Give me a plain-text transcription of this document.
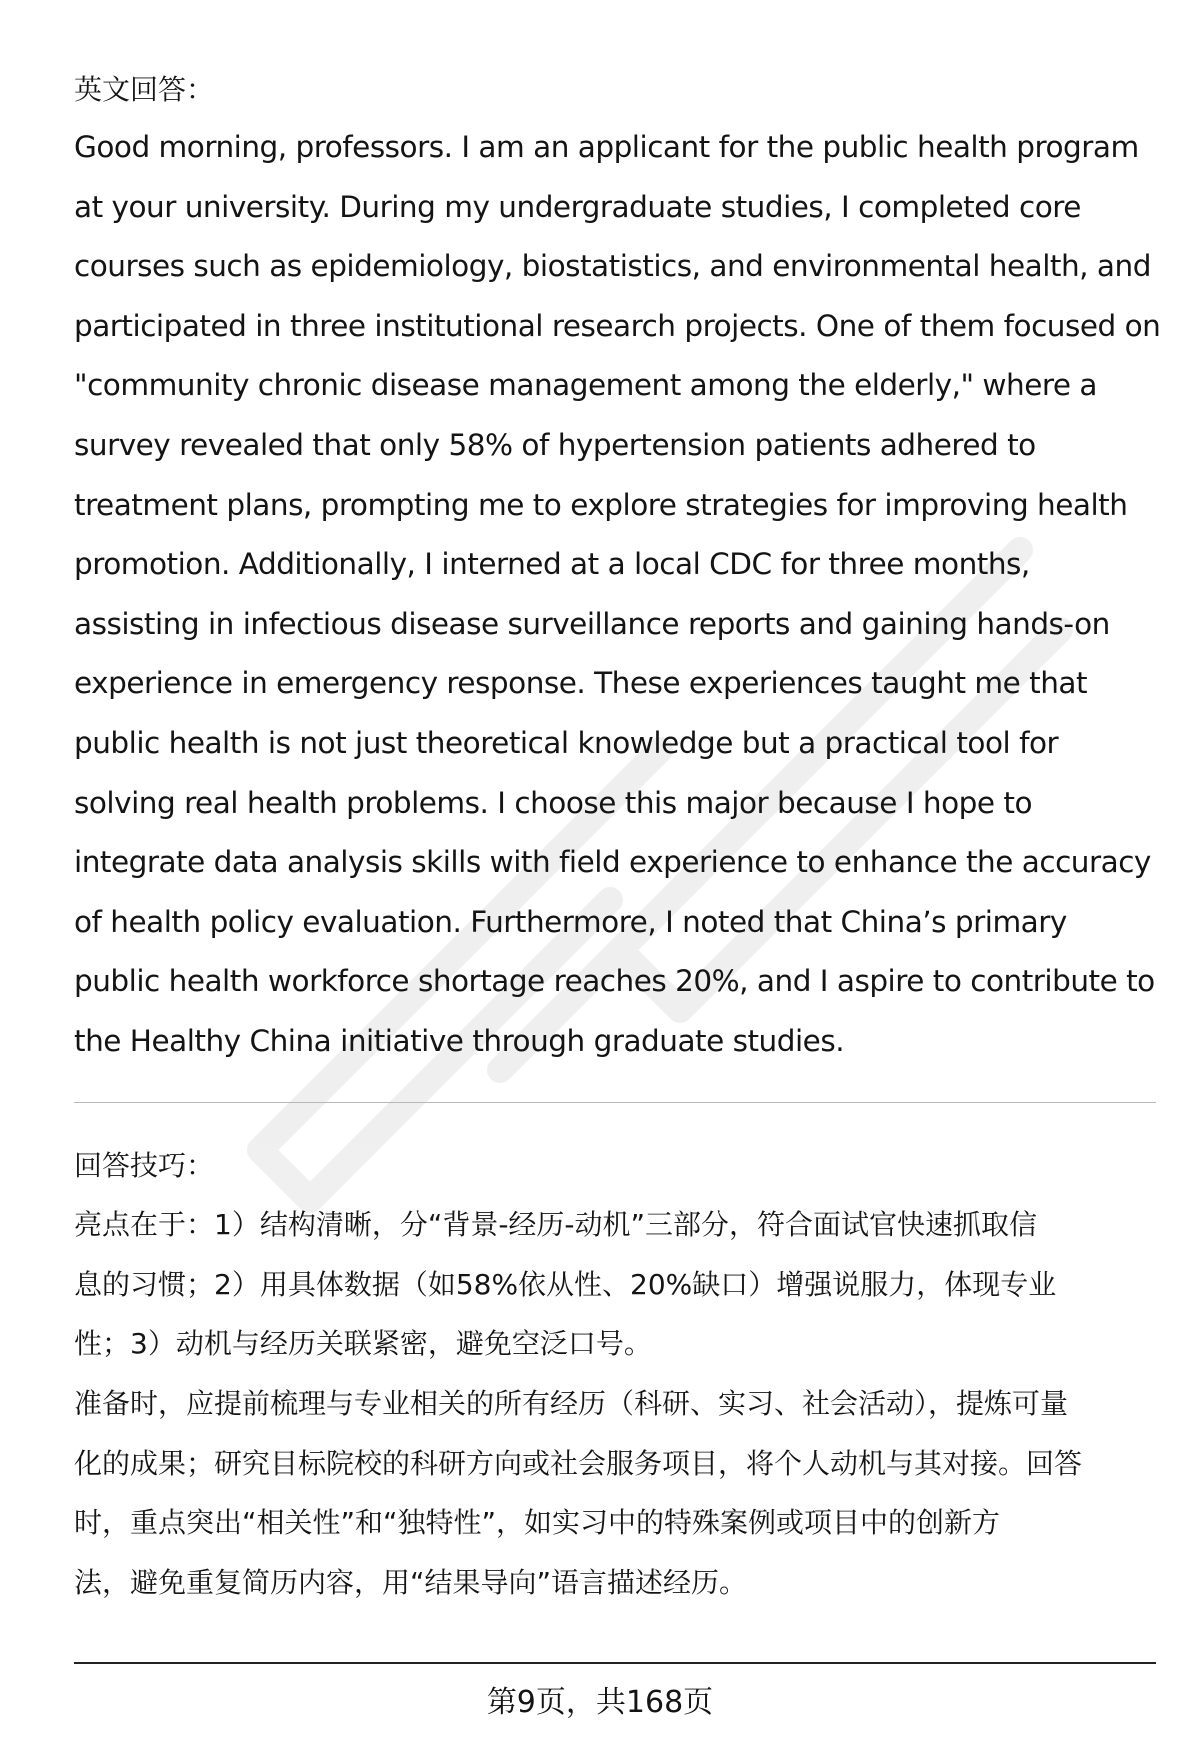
英文回答：

Good morning, professors. I am an applicant for the public health program
at your university. During my undergraduate studies, I completed core
courses such as epidemiology, biostatistics, and environmental health, and
participated in three institutional research projects. One of them focused on
"community chronic disease management among the elderly," where a
survey revealed that only 58% of hypertension patients adhered to
treatment plans, prompting me to explore strategies for improving health
promotion. Additionally, I interned at a local CDC for three months,
assisting in infectious disease surveillance reports and gaining hands-on
experience in emergency response. These experiences taught me that
public health is not just theoretical knowledge but a practical tool for
solving real health problems. I choose this major because I hope to
integrate data analysis skills with field experience to enhance the accuracy
of health policy evaluation. Furthermore, I noted that China’s primary
public health workforce shortage reaches 20%, and I aspire to contribute to
the Healthy China initiative through graduate studies.

回答技巧：

亮点在于：1）结构清晰，分“背景-经历-动机”三部分，符合面试官快速抓取信
息的习惯；2）用具体数据（如58%依从性、20%缺口）增强说服力，体现专业
性；3）动机与经历关联紧密，避免空泛口号。

准备时，应提前梳理与专业相关的所有经历（科研、实习、社会活动），提炼可量
化的成果；研究目标院校的科研方向或社会服务项目，将个人动机与其对接。回答
时，重点突出“相关性”和“独特性”，如实习中的特殊案例或项目中的创新方
法，避免重复简历内容，用“结果导向”语言描述经历。

第9页，共168页
